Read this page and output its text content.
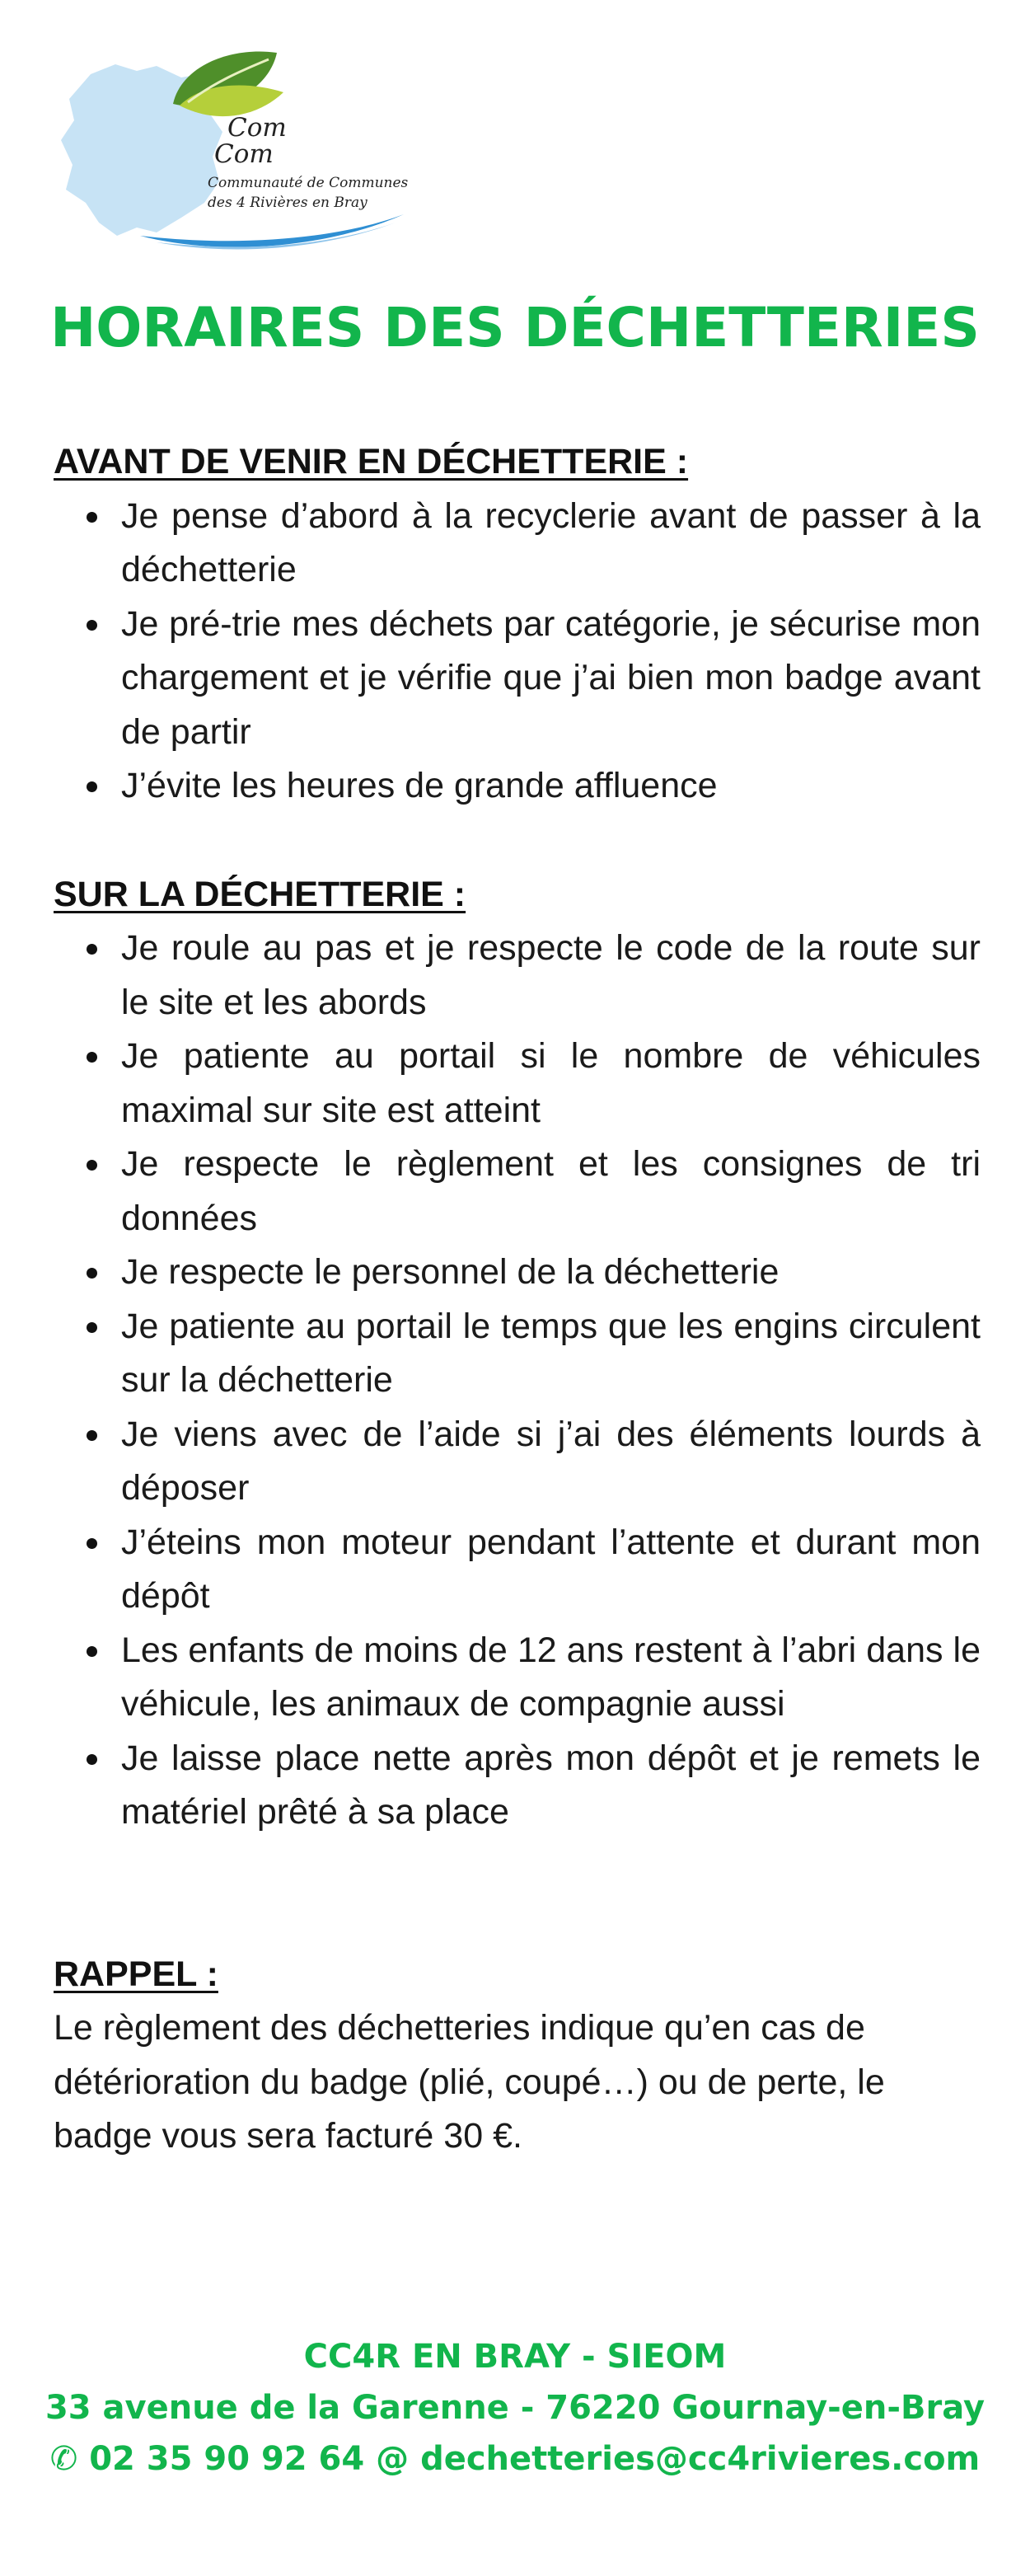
Com
Com
Communauté de Communes
des 4 Rivières en Bray
HORAIRES DES DÉCHETTERIES
AVANT DE VENIR EN DÉCHETTERIE :
Je pense d’abord à la recyclerie avant de passer à la déchetterie
Je pré-trie mes déchets par catégorie, je sécurise mon chargement et je vérifie que j’ai bien mon badge avant de partir
J’évite les heures de grande affluence
SUR LA DÉCHETTERIE :
Je roule au pas et je respecte le code de la route sur le site et les abords
Je patiente au portail si le nombre de véhicules maximal sur site est atteint
Je respecte le règlement et les consignes de tri données
Je respecte le personnel de la déchetterie
Je patiente au portail le temps que les engins circulent sur la déchetterie
Je viens avec de l’aide si j’ai des éléments lourds à déposer
J’éteins mon moteur pendant l’attente et durant mon dépôt
Les enfants de moins de 12 ans restent à l’abri dans le véhicule, les animaux de compagnie aussi
Je laisse place nette après mon dépôt et je remets le matériel prêté à sa place
RAPPEL :

Le règlement des déchetteries indique qu’en cas de détérioration du badge (plié, coupé…) ou de perte, le badge vous sera facturé 30 €.

CC4R EN BRAY - SIEOM
33 avenue de la Garenne - 76220 Gournay-en-Bray
✆ 02 35 90 92 64 @ dechetteries@cc4rivieres.com
